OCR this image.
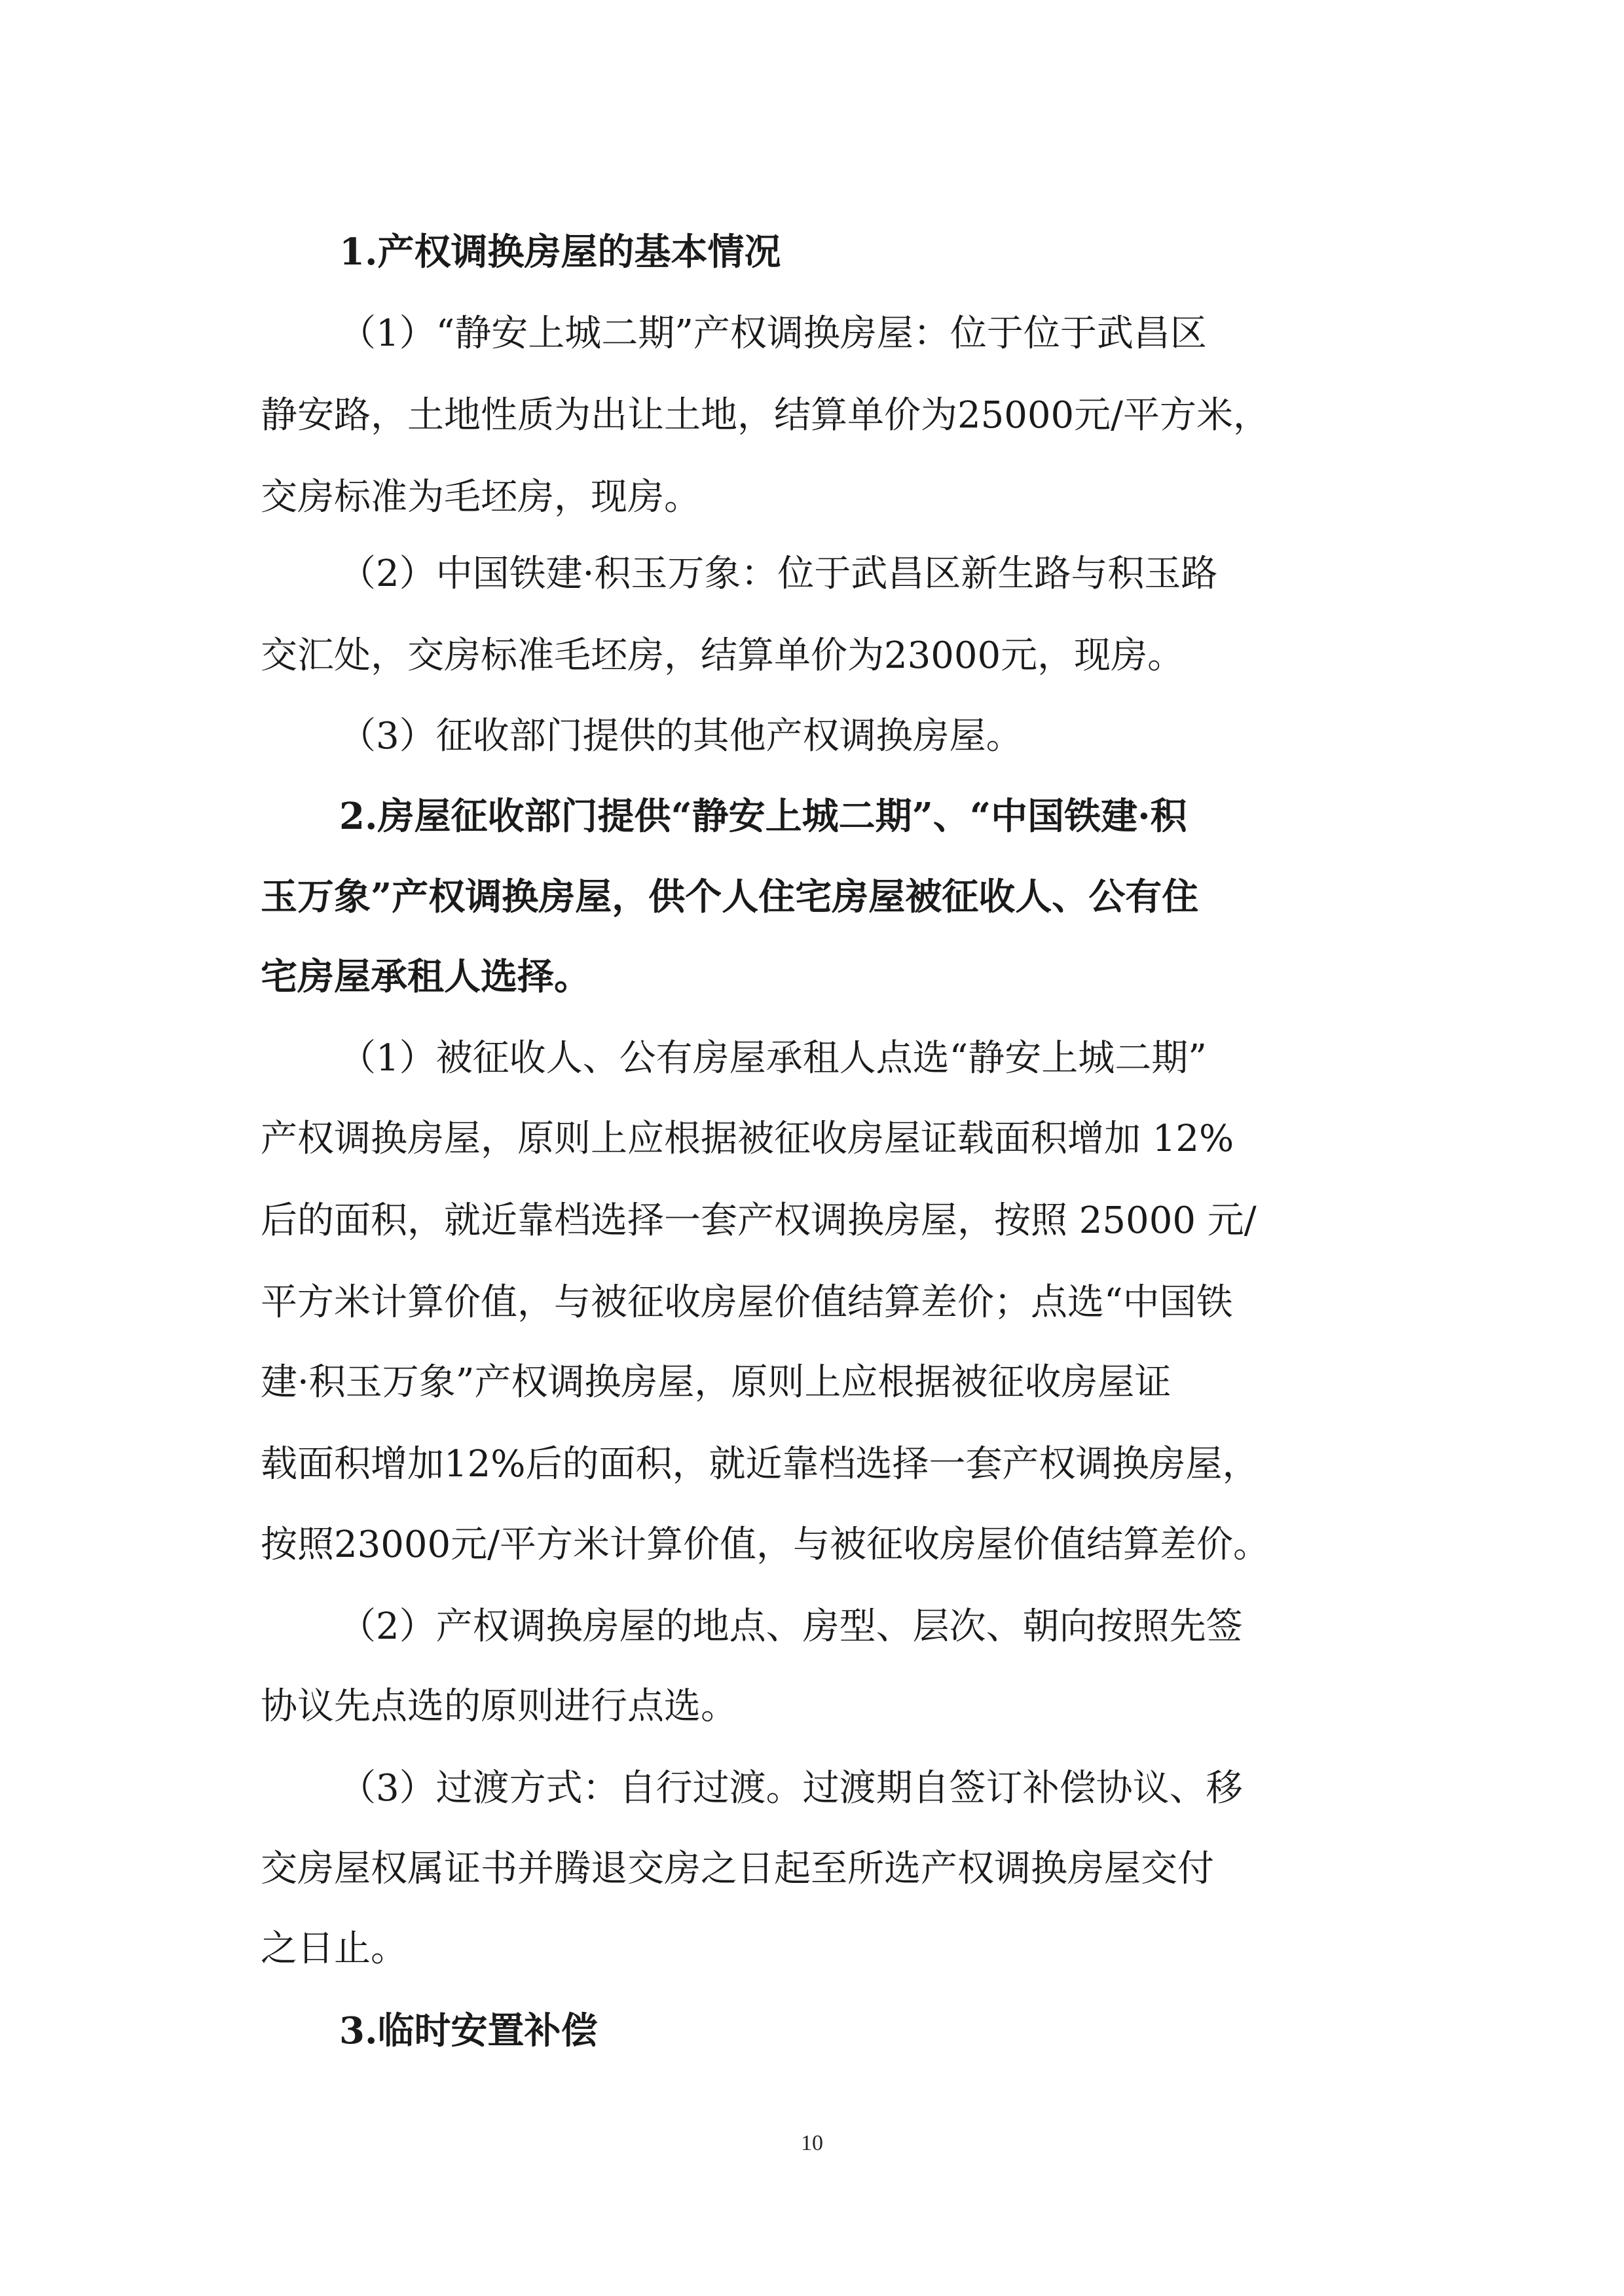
1.产权调换房屋的基本情况
（1）“静安上城二期”产权调换房屋：位于位于武昌区
静安路，土地性质为出让土地，结算单价为25000元/平方米，
交房标准为毛坯房，现房。
（2）中国铁建·积玉万象：位于武昌区新生路与积玉路
交汇处，交房标准毛坯房，结算单价为23000元，现房。
（3）征收部门提供的其他产权调换房屋。
2.房屋征收部门提供“静安上城二期”、“中国铁建·积
玉万象”产权调换房屋，供个人住宅房屋被征收人、公有住
宅房屋承租人选择。
（1）被征收人、公有房屋承租人点选“静安上城二期”
产权调换房屋，原则上应根据被征收房屋证载面积增加 12%
后的面积，就近靠档选择一套产权调换房屋，按照 25000 元/
平方米计算价值，与被征收房屋价值结算差价；点选“中国铁
建·积玉万象”产权调换房屋，原则上应根据被征收房屋证
载面积增加12%后的面积，就近靠档选择一套产权调换房屋，
按照23000元/平方米计算价值，与被征收房屋价值结算差价。
（2）产权调换房屋的地点、房型、层次、朝向按照先签
协议先点选的原则进行点选。
（3）过渡方式：自行过渡。过渡期自签订补偿协议、移
交房屋权属证书并腾退交房之日起至所选产权调换房屋交付
之日止。
3.临时安置补偿
10
